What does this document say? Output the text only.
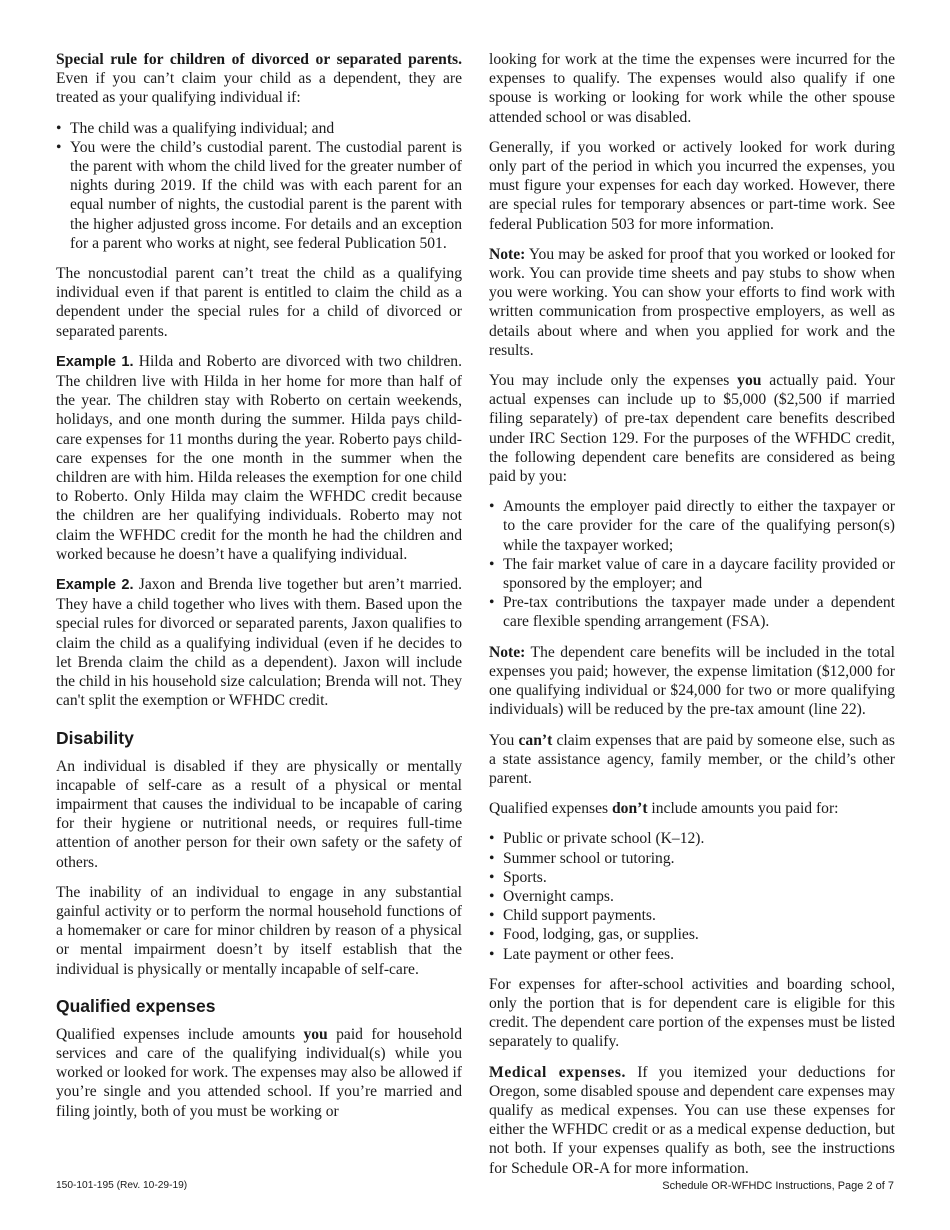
Special rule for children of divorced or separated parents. Even if you can’t claim your child as a dependent, they are treated as your qualifying individual if:

• The child was a qualifying individual; and
• You were the child’s custodial parent. The custodial parent is the parent with whom the child lived for the greater number of nights during 2019. If the child was with each parent for an equal number of nights, the custodial parent is the parent with the higher adjusted gross income. For details and an exception for a parent who works at night, see federal Publication 501.

The noncustodial parent can’t treat the child as a qualifying individual even if that parent is entitled to claim the child as a dependent under the special rules for a child of divorced or separated parents.

Example 1. Hilda and Roberto are divorced with two children. The children live with Hilda in her home for more than half of the year. The children stay with Roberto on certain weekends, holidays, and one month during the summer. Hilda pays child-care expenses for 11 months during the year. Roberto pays child-care expenses for the one month in the summer when the children are with him. Hilda releases the exemption for one child to Roberto. Only Hilda may claim the WFHDC credit because the children are her qualifying individuals. Roberto may not claim the WFHDC credit for the month he had the children and worked because he doesn’t have a qualifying individual.

Example 2. Jaxon and Brenda live together but aren’t married. They have a child together who lives with them. Based upon the special rules for divorced or separated parents, Jaxon qualifies to claim the child as a qualifying individual (even if he decides to let Brenda claim the child as a dependent). Jaxon will include the child in his household size calculation; Brenda will not. They can't split the exemption or WFHDC credit.

Disability

An individual is disabled if they are physically or mentally incapable of self-care as a result of a physical or mental impairment that causes the individual to be incapable of caring for their hygiene or nutritional needs, or requires full-time attention of another person for their own safety or the safety of others.

The inability of an individual to engage in any substantial gainful activity or to perform the normal household functions of a homemaker or care for minor children by reason of a physical or mental impairment doesn’t by itself establish that the individual is physically or mentally incapable of self-care.

Qualified expenses

Qualified expenses include amounts you paid for household services and care of the qualifying individual(s) while you worked or looked for work. The expenses may also be allowed if you’re single and you attended school. If you’re married and filing jointly, both of you must be working or

looking for work at the time the expenses were incurred for the expenses to qualify. The expenses would also qualify if one spouse is working or looking for work while the other spouse attended school or was disabled.

Generally, if you worked or actively looked for work during only part of the period in which you incurred the expenses, you must figure your expenses for each day worked. However, there are special rules for temporary absences or part-time work. See federal Publication 503 for more information.

Note: You may be asked for proof that you worked or looked for work. You can provide time sheets and pay stubs to show when you were working. You can show your efforts to find work with written communication from prospective employers, as well as details about where and when you applied for work and the results.

You may include only the expenses you actually paid. Your actual expenses can include up to $5,000 ($2,500 if married filing separately) of pre-tax dependent care benefits described under IRC Section 129. For the purposes of the WFHDC credit, the following dependent care benefits are considered as being paid by you:

• Amounts the employer paid directly to either the taxpayer or to the care provider for the care of the qualifying person(s) while the taxpayer worked;
• The fair market value of care in a daycare facility provided or sponsored by the employer; and
• Pre-tax contributions the taxpayer made under a dependent care flexible spending arrangement (FSA).

Note: The dependent care benefits will be included in the total expenses you paid; however, the expense limitation ($12,000 for one qualifying individual or $24,000 for two or more qualifying individuals) will be reduced by the pre-tax amount (line 22).

You can’t claim expenses that are paid by someone else, such as a state assistance agency, family member, or the child’s other parent.

Qualified expenses don’t include amounts you paid for:

• Public or private school (K–12).
• Summer school or tutoring.
• Sports.
• Overnight camps.
• Child support payments.
• Food, lodging, gas, or supplies.
• Late payment or other fees.

For expenses for after-school activities and boarding school, only the portion that is for dependent care is eligible for this credit. The dependent care portion of the expenses must be listed separately to qualify.

Medical expenses. If you itemized your deductions for Oregon, some disabled spouse and dependent care expenses may qualify as medical expenses. You can use these expenses for either the WFHDC credit or as a medical expense deduction, but not both. If your expenses qualify as both, see the instructions for Schedule OR-A for more information.

150-101-195 (Rev. 10-29-19)	Schedule OR-WFHDC Instructions, Page 2 of 7
